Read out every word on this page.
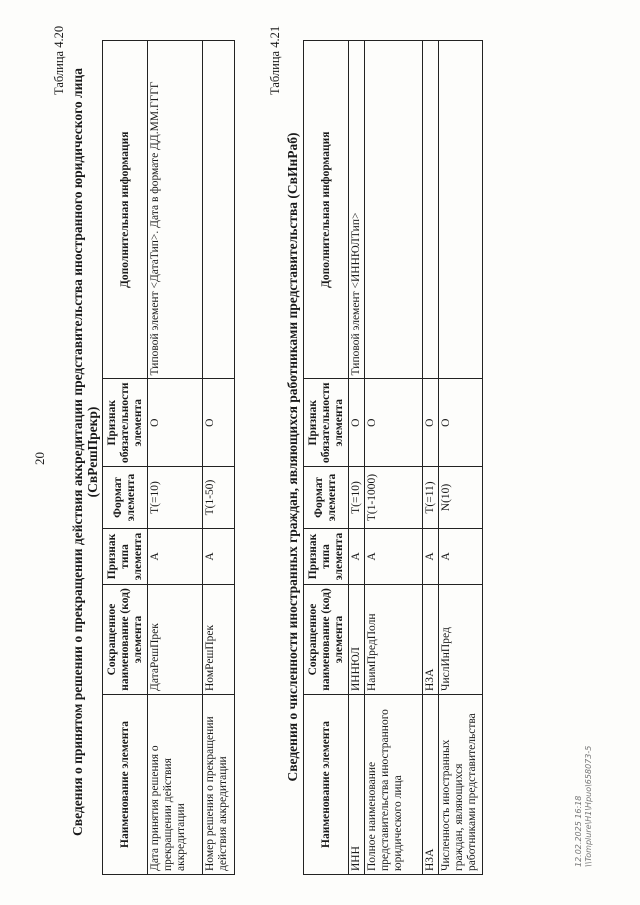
20
Таблица 4.20
Сведения о принятом решении о прекращении действия аккредитации представительства иностранного юридического лица (СвРешПрекр)
Наименование элемента	Сокращенное наименование (код) элемента	Признак типа элемента	Формат элемента	Признак обязательности элемента	Дополнительная информация
Дата принятия решения о прекращении действия аккредитации	ДатаРешПрек	А	Т(=10)	О	Типовой элемент <ДатаТип>. Дата в формате ДД.ММ.ГГГГ
Номер решения о прекращении действия аккредитации	НомРешПрек	А	Т(1-50)	О	
Таблица 4.21
Сведения о численности иностранных граждан, являющихся работниками представительства (СвИнРаб)
Наименование элемента	Сокращенное наименование (код) элемента	Признак типа элемента	Формат элемента	Признак обязательности элемента	Дополнительная информация
ИНН	ИННЮЛ	А	Т(=10)	О	Типовой элемент <ИННЮЛТип>
Полное наименование представительства иностранного юридического лица	НаимПредПолн	А	Т(1-1000)	О	
НЗА	НЗА	А	Т(=11)	О	
Численность иностранных граждан, являющихся работниками представительства	ЧислИнПред	А	N(10)	О	
12.02.2025 16:18 \\Tomplure\H1\Hpuo\658073-5
